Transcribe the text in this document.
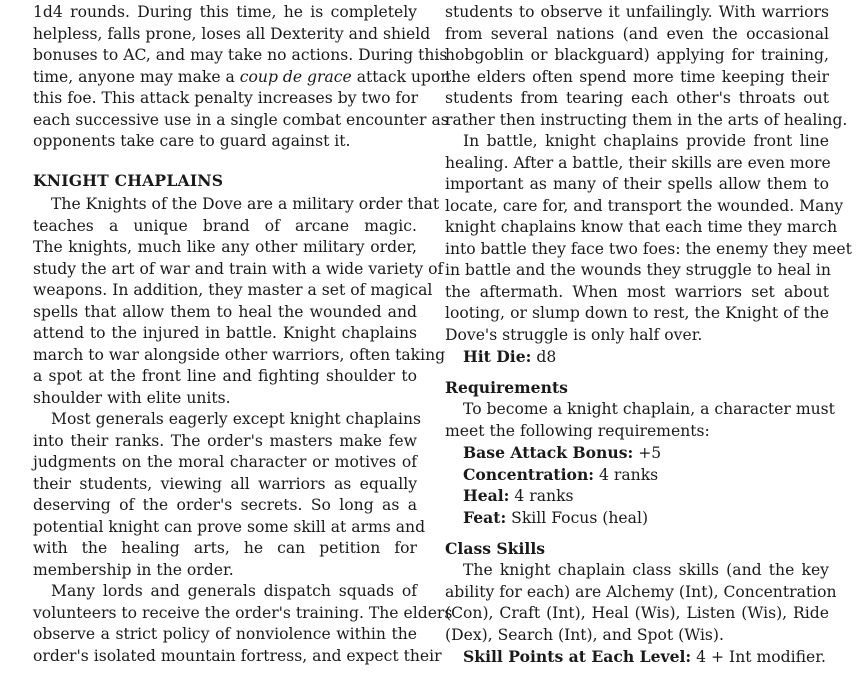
1d4 rounds. During this time, he is completely
helpless, falls prone, loses all Dexterity and shield
bonuses to AC, and may take no actions. During this
time, anyone may make a coup de grace attack upon
this foe. This attack penalty increases by two for
each successive use in a single combat encounter as
opponents take care to guard against it.
KNIGHT CHAPLAINS
The Knights of the Dove are a military order that
teaches a unique brand of arcane magic.
The knights, much like any other military order,
study the art of war and train with a wide variety of
weapons. In addition, they master a set of magical
spells that allow them to heal the wounded and
attend to the injured in battle. Knight chaplains
march to war alongside other warriors, often taking
a spot at the front line and fighting shoulder to
shoulder with elite units.
Most generals eagerly except knight chaplains
into their ranks. The order's masters make few
judgments on the moral character or motives of
their students, viewing all warriors as equally
deserving of the order's secrets. So long as a
potential knight can prove some skill at arms and
with the healing arts, he can petition for
membership in the order.
Many lords and generals dispatch squads of
volunteers to receive the order's training. The elders
observe a strict policy of nonviolence within the
order's isolated mountain fortress, and expect their
students to observe it unfailingly. With warriors
from several nations (and even the occasional
hobgoblin or blackguard) applying for training,
the elders often spend more time keeping their
students from tearing each other's throats out
rather then instructing them in the arts of healing.
In battle, knight chaplains provide front line
healing. After a battle, their skills are even more
important as many of their spells allow them to
locate, care for, and transport the wounded. Many
knight chaplains know that each time they march
into battle they face two foes: the enemy they meet
in battle and the wounds they struggle to heal in
the aftermath. When most warriors set about
looting, or slump down to rest, the Knight of the
Dove's struggle is only half over.
Hit Die: d8
Requirements
To become a knight chaplain, a character must
meet the following requirements:
Base Attack Bonus: +5
Concentration: 4 ranks
Heal: 4 ranks
Feat: Skill Focus (heal)
Class Skills
The knight chaplain class skills (and the key
ability for each) are Alchemy (Int), Concentration
(Con), Craft (Int), Heal (Wis), Listen (Wis), Ride
(Dex), Search (Int), and Spot (Wis).
Skill Points at Each Level: 4 + Int modifier.
